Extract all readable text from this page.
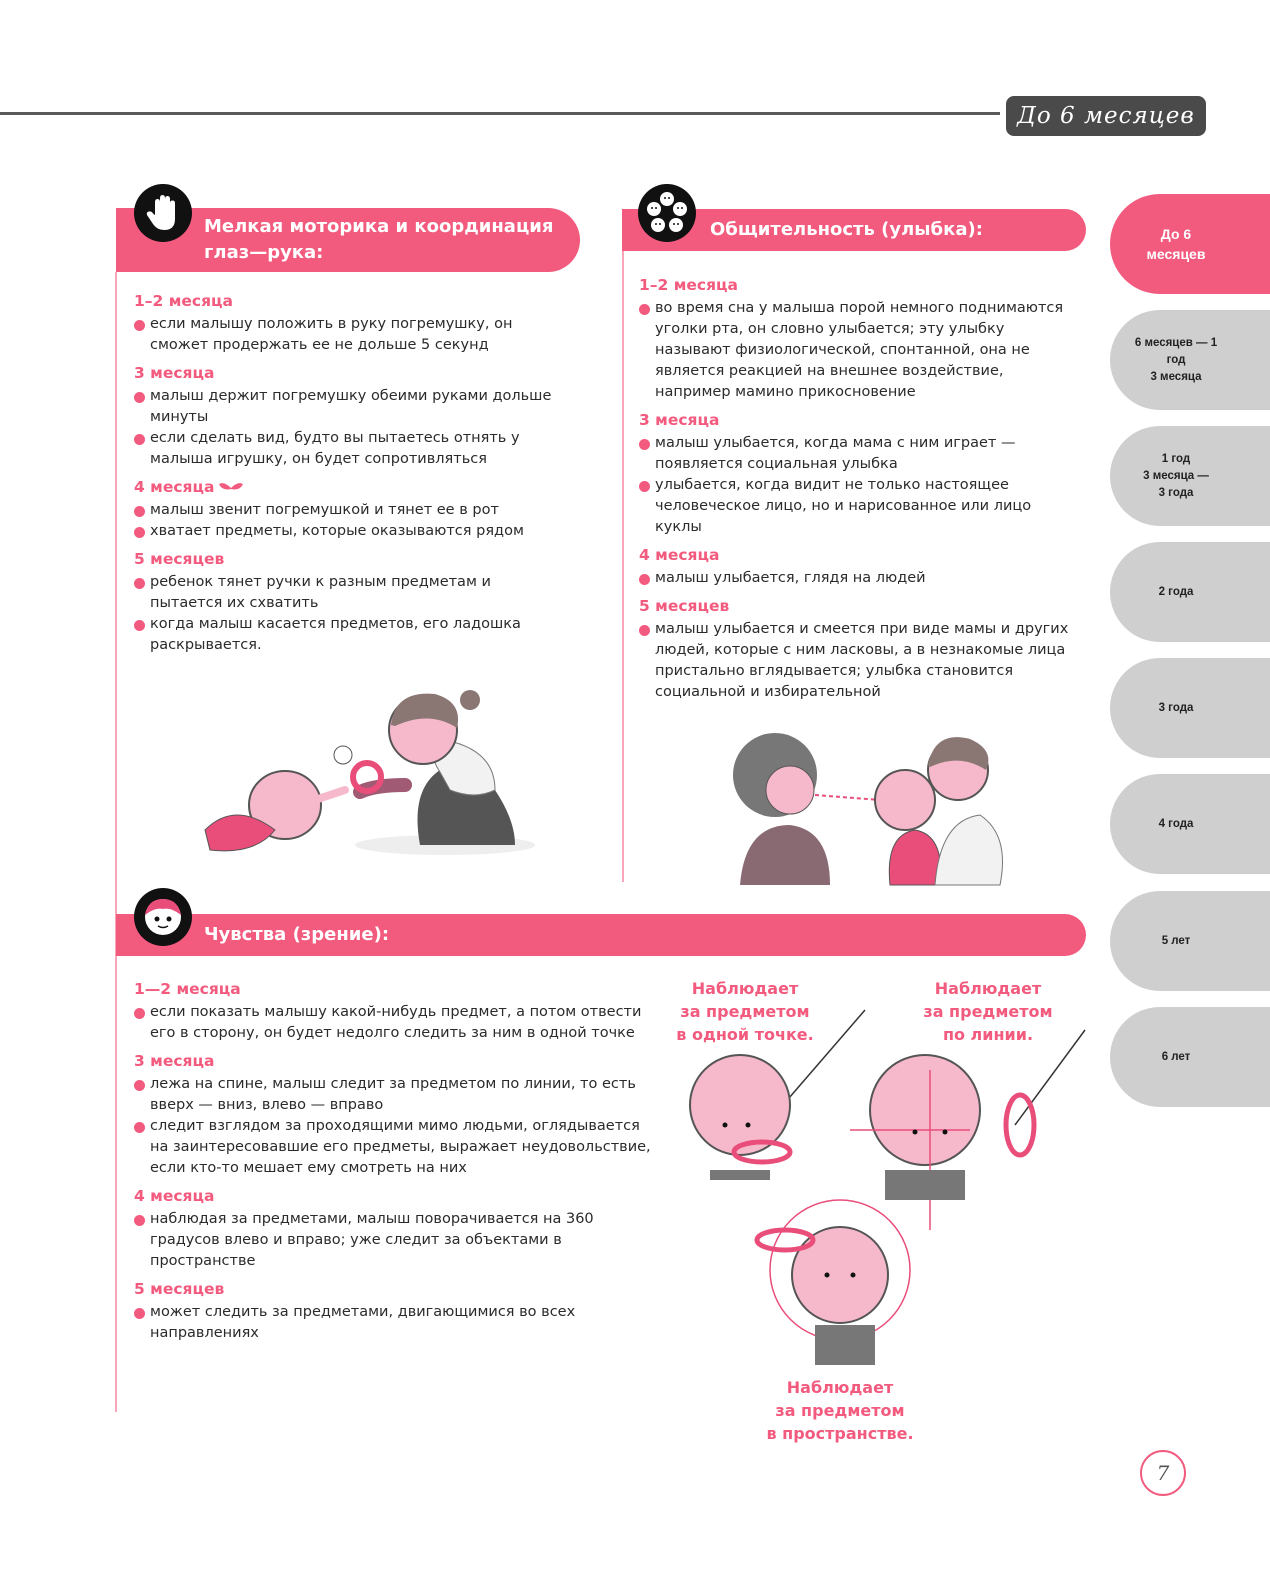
До 6 месяцев
Мелкая моторика и координация
глаз—рука:
1–2 месяца
если малышу положить в руку погремушку, он сможет продержать ее не дольше 5 секунд
3 месяца
малыш держит погремушку обеими руками дольше минуты
если сделать вид, будто вы пытаетесь отнять у малыша игрушку, он будет сопротивляться
4 месяца
малыш звенит погремушкой и тянет ее в рот
хватает предметы, которые оказываются рядом
5 месяцев
ребенок тянет ручки к разным предметам и пытается их схватить
когда малыш касается предметов, его ладошка раскрывается.
Общительность (улыбка):
1–2 месяца
во время сна у малыша порой немного поднимаются уголки рта, он словно улыбается; эту улыбку называют физиологической, спонтанной, она не является реакцией на внешнее воздействие, например мамино прикосновение
3 месяца
малыш улыбается, когда мама с ним играет — появляется социальная улыбка
улыбается, когда видит не только настоящее человеческое лицо, но и нарисованное или лицо куклы
4 месяца
малыш улыбается, глядя на людей
5 месяцев
малыш улыбается и смеется при виде мамы и других людей, которые с ним ласковы, а в незнакомые лица пристально вглядывается; улыбка становится социальной и избирательной
Чувства (зрение):
1—2 месяца
если показать малышу какой-нибудь предмет, а потом отвести его в сторону, он будет недолго следить за ним в одной точке
3 месяца
лежа на спине, малыш следит за предметом по линии, то есть вверх — вниз, влево — вправо
следит взглядом за проходящими мимо людьми, оглядывается на заинтересовавшие его предметы, выражает неудовольствие, если кто-то мешает ему смотреть на них
4 месяца
наблюдая за предметами, малыш поворачивается на 360 градусов влево и вправо; уже следит за объектами в пространстве
5 месяцев
может следить за предметами, двигающимися во всех направлениях
Наблюдает
за предметом
в одной точке.
Наблюдает
за предметом
по линии.
Наблюдает
за предметом
в пространстве.
До 6
месяцев
6 месяцев — 1
год
3 месяца
1 год
3 месяца —
3 года
2 года
3 года
4 года
5 лет
6 лет
7
